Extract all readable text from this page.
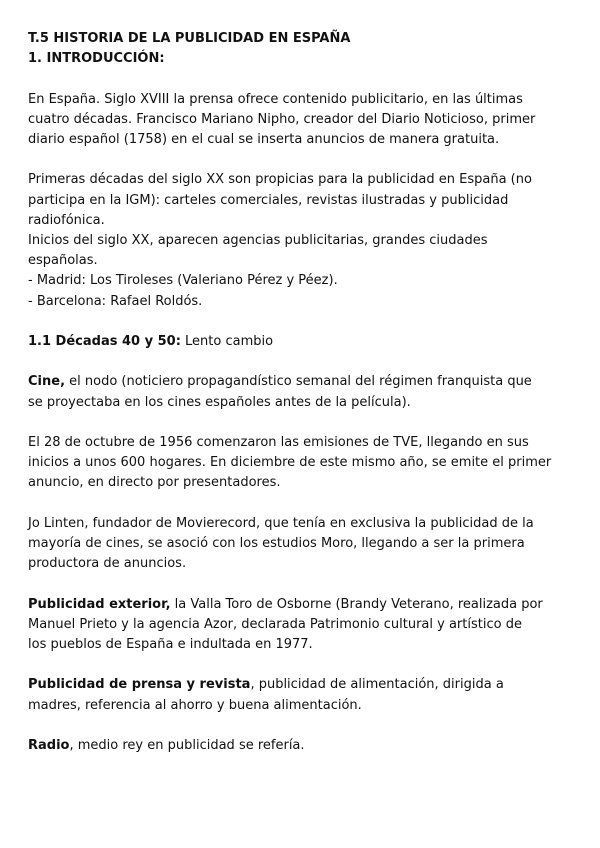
T.5 HISTORIA DE LA PUBLICIDAD EN ESPAÑA
1. INTRODUCCIÓN:
En España. Siglo XVIII la prensa ofrece contenido publicitario, en las últimas
cuatro décadas. Francisco Mariano Nipho, creador del Diario Noticioso, primer
diario español (1758) en el cual se inserta anuncios de manera gratuita.
Primeras décadas del siglo XX son propicias para la publicidad en España (no
participa en la IGM): carteles comerciales, revistas ilustradas y publicidad
radiofónica.
Inicios del siglo XX, aparecen agencias publicitarias, grandes ciudades
españolas.
- Madrid: Los Tiroleses (Valeriano Pérez y Péez).
- Barcelona: Rafael Roldós.
1.1 Décadas 40 y 50: Lento cambio
Cine, el nodo (noticiero propagandístico semanal del régimen franquista que
se proyectaba en los cines españoles antes de la película).
El 28 de octubre de 1956 comenzaron las emisiones de TVE, llegando en sus
inicios a unos 600 hogares. En diciembre de este mismo año, se emite el primer
anuncio, en directo por presentadores.
Jo Linten, fundador de Movierecord, que tenía en exclusiva la publicidad de la
mayoría de cines, se asoció con los estudios Moro, llegando a ser la primera
productora de anuncios.
Publicidad exterior, la Valla Toro de Osborne (Brandy Veterano, realizada por
Manuel Prieto y la agencia Azor, declarada Patrimonio cultural y artístico de
los pueblos de España e indultada en 1977.
Publicidad de prensa y revista, publicidad de alimentación, dirigida a
madres, referencia al ahorro y buena alimentación.
Radio, medio rey en publicidad se refería.
